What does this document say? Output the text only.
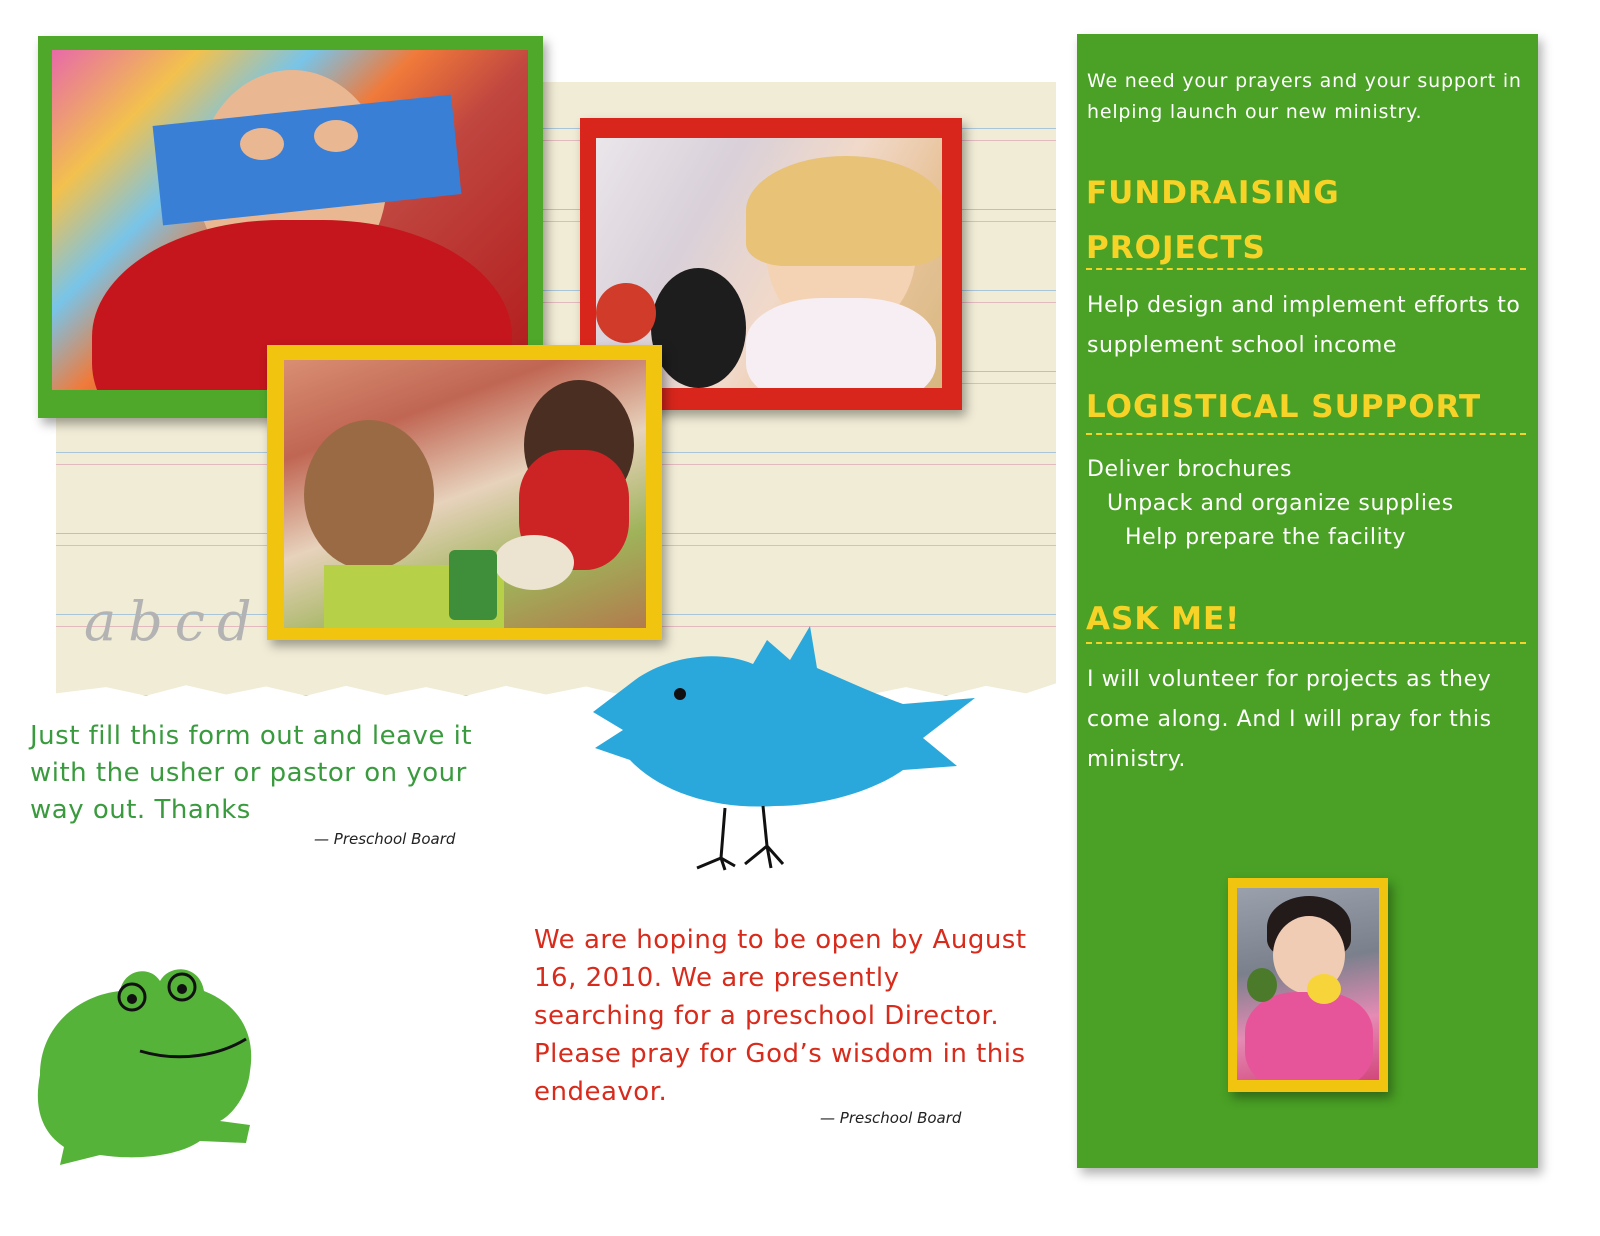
abcd

Just fill this form out and leave it with the usher or pastor on your way out. Thanks

— Preschool Board

We are hoping to be open by August 16, 2010. We are presently searching for a preschool Director. Please pray for God’s wisdom in this endeavor.

— Preschool Board

We need your prayers and your support in helping launch our new ministry.

FUNDRAISING PROJECTS

Help design and implement efforts to supplement school income

LOGISTICAL SUPPORT
Deliver brochures
Unpack and organize supplies
Help prepare the facility
ASK ME!

I will volunteer for projects as they come along. And I will pray for this ministry.
